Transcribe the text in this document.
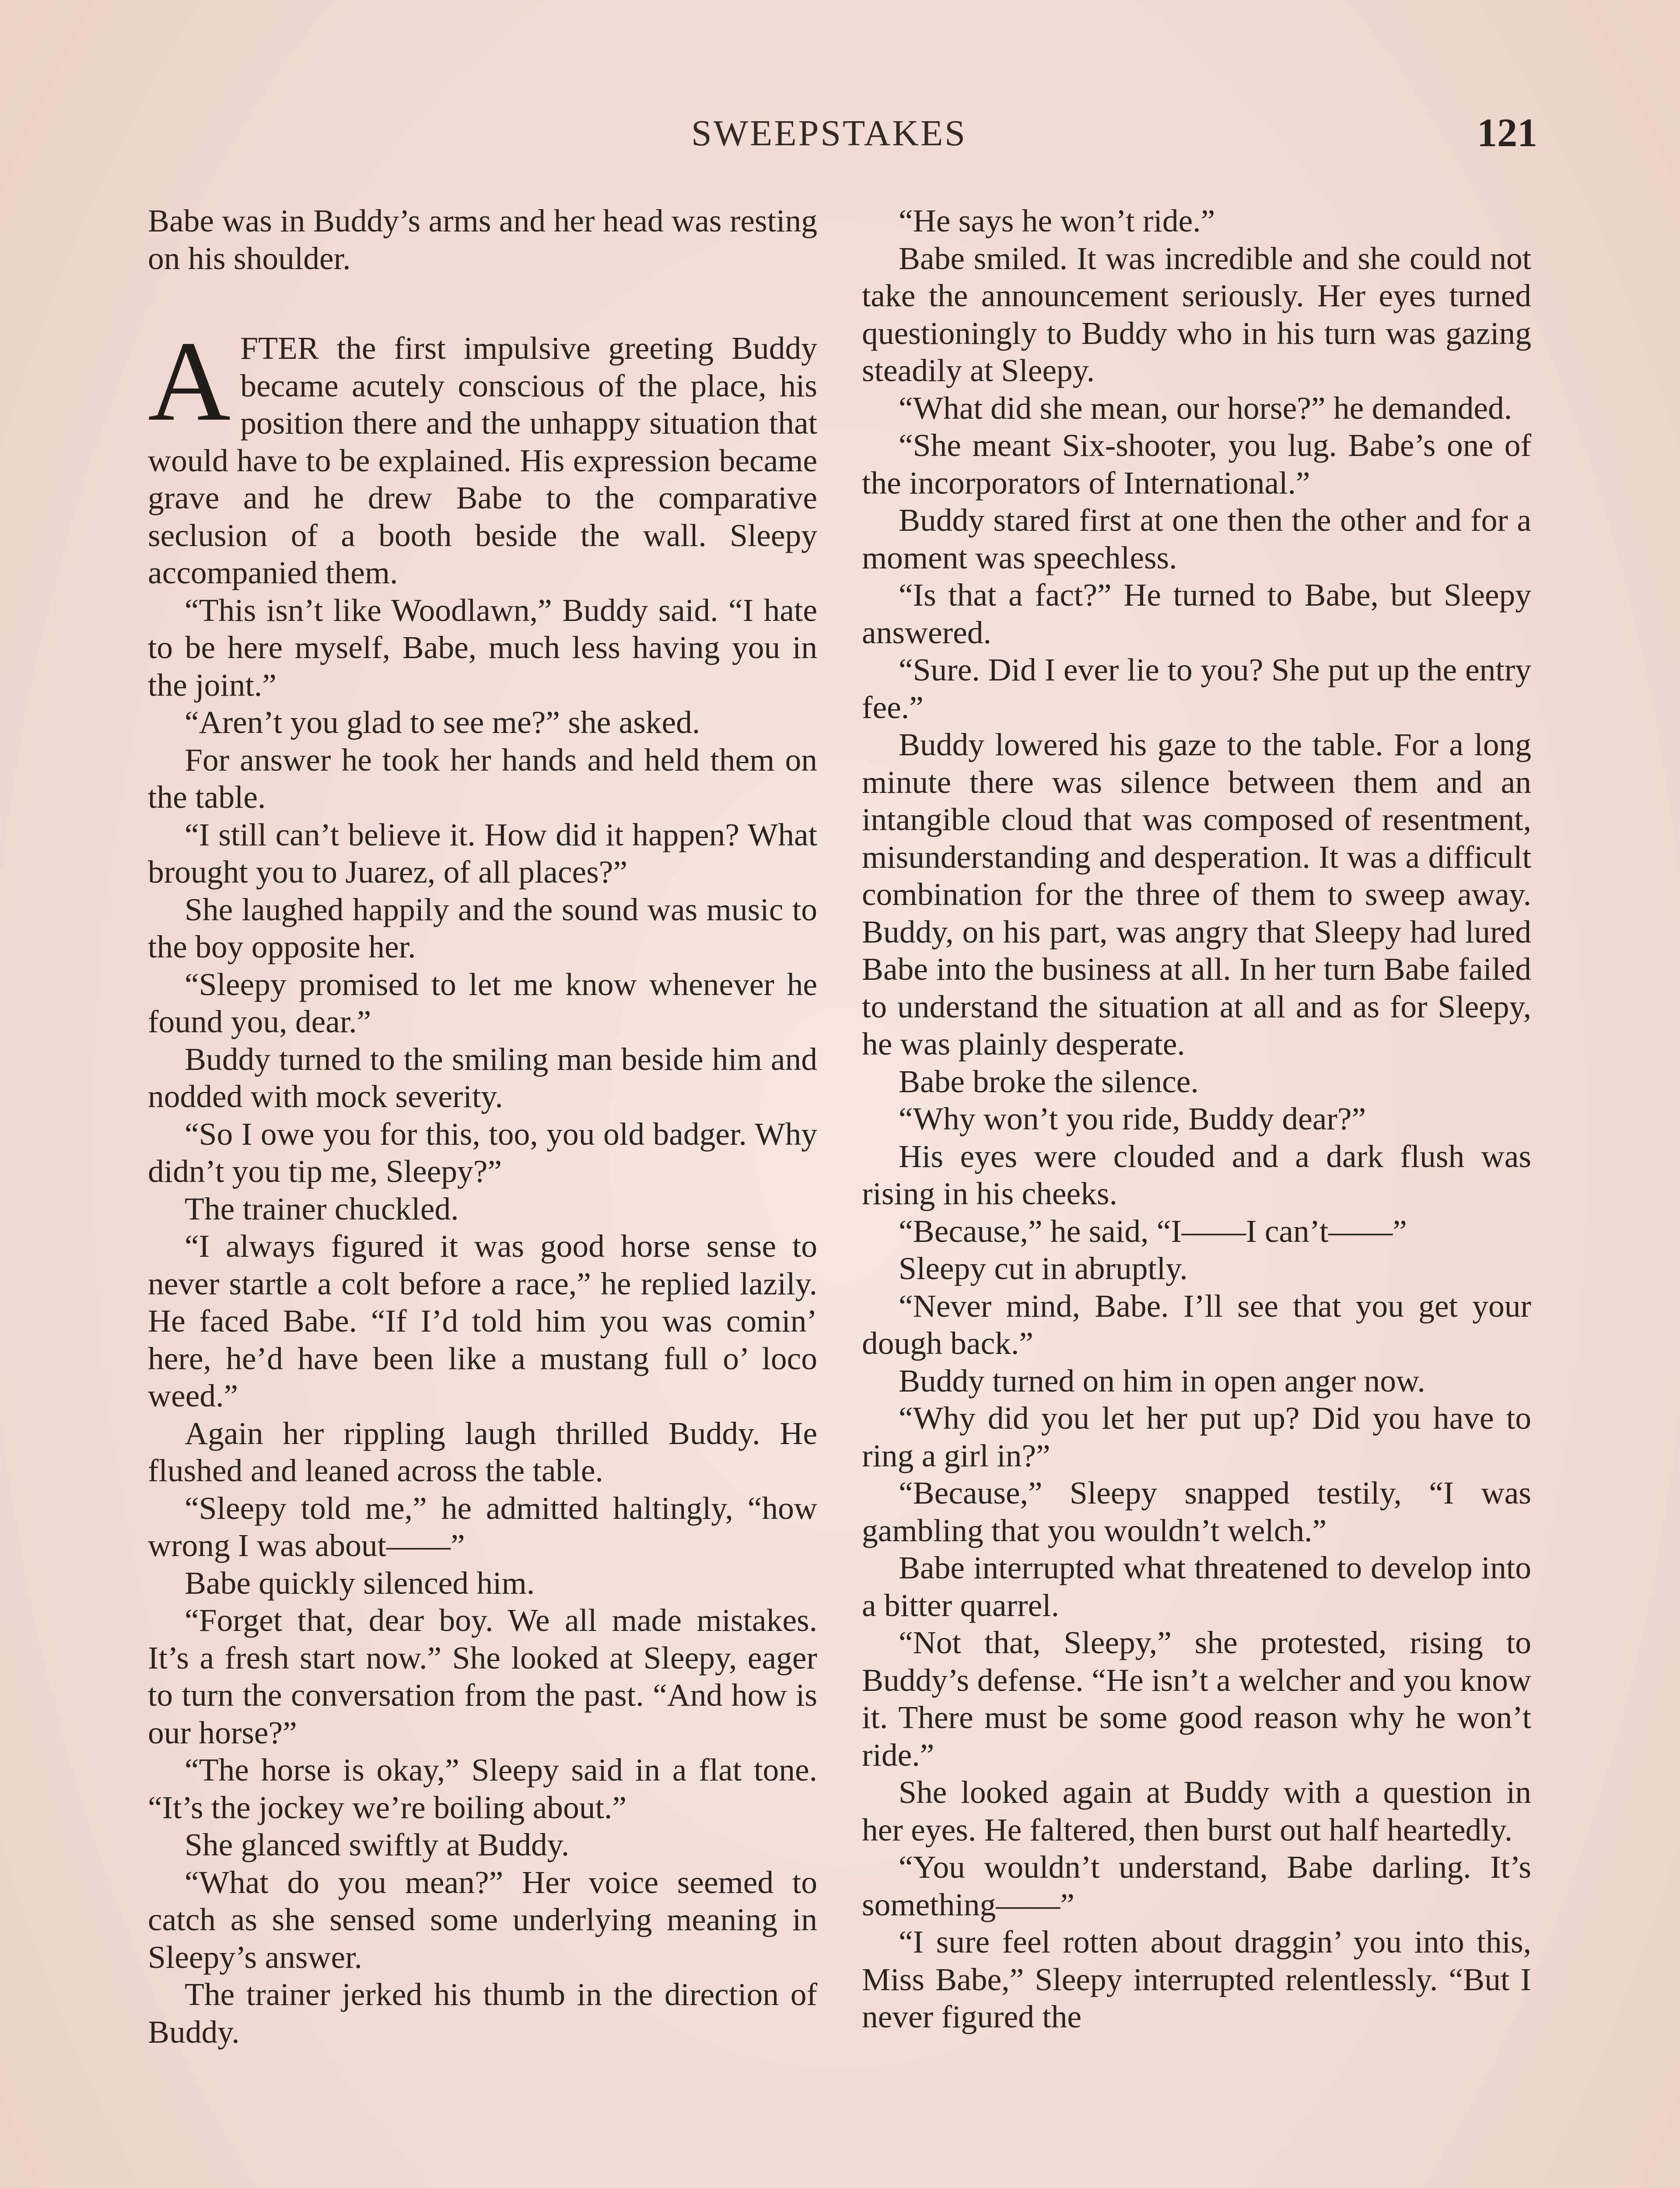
SWEEPSTAKES	121

Babe was in Buddy’s arms and her head was resting on his shoulder.

AFTER the first impulsive greeting Buddy became acutely conscious of the place, his position there and the unhappy situation that would have to be explained. His expression became grave and he drew Babe to the comparative seclusion of a booth beside the wall. Sleepy accompanied them.

“This isn’t like Woodlawn,” Buddy said. “I hate to be here myself, Babe, much less having you in the joint.”

“Aren’t you glad to see me?” she asked.

For answer he took her hands and held them on the table.

“I still can’t believe it. How did it happen? What brought you to Juarez, of all places?”

She laughed happily and the sound was music to the boy opposite her.

“Sleepy promised to let me know whenever he found you, dear.”

Buddy turned to the smiling man beside him and nodded with mock severity.

“So I owe you for this, too, you old badger. Why didn’t you tip me, Sleepy?”

The trainer chuckled.

“I always figured it was good horse sense to never startle a colt before a race,” he replied lazily. He faced Babe. “If I’d told him you was comin’ here, he’d have been like a mustang full o’ loco weed.”

Again her rippling laugh thrilled Buddy. He flushed and leaned across the table.

“Sleepy told me,” he admitted haltingly, “how wrong I was about——”

Babe quickly silenced him.

“Forget that, dear boy. We all made mistakes. It’s a fresh start now.” She looked at Sleepy, eager to turn the conversation from the past. “And how is our horse?”

“The horse is okay,” Sleepy said in a flat tone. “It’s the jockey we’re boiling about.”

She glanced swiftly at Buddy.

“What do you mean?” Her voice seemed to catch as she sensed some underlying meaning in Sleepy’s answer.

The trainer jerked his thumb in the direction of Buddy.

“He says he won’t ride.”

Babe smiled. It was incredible and she could not take the announcement seriously. Her eyes turned questioningly to Buddy who in his turn was gazing steadily at Sleepy.

“What did she mean, our horse?” he demanded.

“She meant Six-shooter, you lug. Babe’s one of the incorporators of International.”

Buddy stared first at one then the other and for a moment was speechless.

“Is that a fact?” He turned to Babe, but Sleepy answered.

“Sure. Did I ever lie to you? She put up the entry fee.”

Buddy lowered his gaze to the table. For a long minute there was silence between them and an intangible cloud that was composed of resentment, misunderstanding and desperation. It was a difficult combination for the three of them to sweep away. Buddy, on his part, was angry that Sleepy had lured Babe into the business at all. In her turn Babe failed to understand the situation at all and as for Sleepy, he was plainly desperate.

Babe broke the silence.

“Why won’t you ride, Buddy dear?”

His eyes were clouded and a dark flush was rising in his cheeks.

“Because,” he said, “I——I can’t——”

Sleepy cut in abruptly.

“Never mind, Babe. I’ll see that you get your dough back.”

Buddy turned on him in open anger now.

“Why did you let her put up? Did you have to ring a girl in?”

“Because,” Sleepy snapped testily, “I was gambling that you wouldn’t welch.”

Babe interrupted what threatened to develop into a bitter quarrel.

“Not that, Sleepy,” she protested, rising to Buddy’s defense. “He isn’t a welcher and you know it. There must be some good reason why he won’t ride.”

She looked again at Buddy with a question in her eyes. He faltered, then burst out half heartedly.

“You wouldn’t understand, Babe darling. It’s something——”

“I sure feel rotten about draggin’ you into this, Miss Babe,” Sleepy interrupted relentlessly. “But I never figured the
